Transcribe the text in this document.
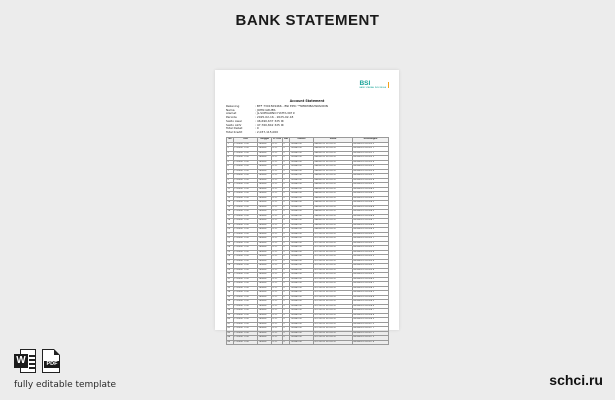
BANK STATEMENT
BSI
BANK SYARIAH INDONESIA
Account Statement
Rekening	: BTF 7301509466 - BSI EPIC **NERIMBAHWADDIN
Nama	: JOHN GRUBS
Alamat	: JL.SOEKARNO HATTA KM 9
Periode	: 2025-02-16 - 2025-02-18
Saldo Awal	: 46,690,637 325 IR
Saldo Akhr	: 47,760,842 325 IR
Total Debet	: 0
Total Kredit	: 2,037,115,000
No	Trxn	Tanggal	Ft Trxn	Dbt	Mutasi	Saldo	Keterangan
1	FT2400T1700	160826	D:11	0	135480.00	46830232 325.41 IR	BPI:B0021331303 0
2	FT2400T1700	160826	D:11	0	135480.00	46830232 325.41 IR	BPI:B0021331302 1
3	FT2400T1700	160826	D:11	0	135480.00	46830232 325.41 IR	BPI:B0021331302 2
4	FT2400T1700	160826	D:11	0	135480.00	46830232 325.41 IR	BPI:B0021331303 3
5	FT2400T1700	160826	D:11	0	135480.00	46830232 325.41 IR	BPI:B0021331303 4
6	FT2400T1700	160826	D:11	0	135480.00	46830232 325.41 IR	BPI:B0021331303 5
7	FT2400T1700	160826	D:11	0	135480.00	46830232 325.41 IR	BPI:B0021331303 6
8	FT2400T1700	160826	D:11	0	135480.00	46830232 325.41 IR	BPI:B0021331303 7
9	FT2400T1700	160826	D:11	0	135480.00	46830232 325.41 IR	BPI:B0021331303 8
10	FT2400T1700	160826	D:11	0	135480.00	46830232 325.41 IR	BPI:B0021331303 9
11	FT2400T1700	160826	D:11	0	135480.00	46830232 325.41 IR	BPI:B0021331304 0
12	FT2400T1700	160826	D:11	0	135480.00	46830232 325.41 IR	BPI:B0021331304 1
13	FT2400T1700	160826	D:11	0	135480.00	46830232 325.41 IR	BPI:B0021331304 2
14	FT2400T1700	160826	D:11	0	135480.00	46830232 325.41 IR	BPI:B0021331304 3
15	FT2400T1700	160826	D:11	0	135480.00	46830232 325.41 IR	BPI:B0021331304 4
16	FT2400T1700	160826	D:11	0	135480.00	46830232 325.41 IR	BPI:B0021331304 5
17	FT2400T1700	160826	D:11	0	135480.00	46830232 325.41 IR	BPI:B0021331304 6
18	FT2400T1700	160826	D:11	0	135480.00	46830232 325.41 IR	BPI:B0021331304 7
19	FT2400T1700	160826	D:11	0	135480.00	46830232 325.41 IR	BPI:B0021331304 8
20	FT2400T1700	160826	D:11	0	135480.00	46830232 325.41 IR	BPI:B0021331304 9
21	FT2400T1700	160826	D:11	0	135480.00	47120232 325.41 IR	BPI:B0021331305 0
22	FT2400T1700	160826	D:11	0	135480.00	47120232 325.41 IR	BPI:B0021331305 1
23	FT2400T1700	160826	D:11	0	135480.00	47120232 325.41 IR	BPI:B0021331305 2
24	FT2400T1700	160826	D:11	0	135480.00	47120232 325.41 IR	BPI:B0021331305 3
25	FT2400T1700	160826	D:11	0	135480.00	47120232 325.41 IR	BPI:B0021331305 4
26	FT2400T1700	160826	D:11	0	135480.00	47120232 325.41 IR	BPI:B0021331305 5
27	FT2400T1700	160826	D:11	0	135480.00	47120232 325.41 IR	BPI:B0021331305 6
28	FT2400T1700	160826	D:11	0	135480.00	47120232 325.41 IR	BPI:B0021331305 7
29	FT2400T1700	160826	D:11	0	135480.00	47120232 325.41 IR	BPI:B0021331305 8
30	FT2400T1700	160826	D:11	0	135480.00	47120232 325.41 IR	BPI:B0021331305 9
31	FT2400T1700	160826	D:11	0	135480.00	47120232 325.41 IR	BPI:B0021331306 0
32	FT2400T1700	160826	D:11	0	135480.00	47120232 325.41 IR	BPI:B0021331306 1
33	FT2400T1700	160826	D:11	0	135480.00	47120232 325.41 IR	BPI:B0021331306 2
34	FT2400T1700	160826	D:11	0	135480.00	47120232 325.41 IR	BPI:B0021331306 3
35	FT2400T1700	160826	D:11	0	135480.00	47120232 325.41 IR	BPI:B0021331306 4
36	FT2400T1700	160826	D:11	0	135480.00	47120232 325.41 IR	BPI:B0021331306 5
37	FT2400T1700	160826	D:11	0	135480.00	47120232 325.41 IR	BPI:B0021331306 6
38	FT2400T1700	160826	D:11	0	135480.00	47120232 325.41 IR	BPI:B0021331306 7
39	FT2400T1700	160826	D:11	0	135480.00	47120232 325.41 IR	BPI:B0021331306 8
40	FT2400T1700	160826	D:11	0	135480.00	47120232 325.41 IR	BPI:B0021331306 9
41	FT2400T1700	160826	D:11	0	135480.00	47120232 325.41 IR	BPI:B0021331307 0
42	FT2400T1700	160826	D:11	0	135480.00	47120232 325.41 IR	BPI:B0021331307 1
43	FT2400T1700	160826	D:11	0	135480.00	47120232 325.41 IR	BPI:B0021331307 2
44	FT2400T1700	160826	D:11	0	135480.00	47120232 325.41 IR	BPI:B0021331307 3
45	FT2400T1700	160826	D:11	0	135480.00	47120232 325.41 IR	BPI:B0021331307 4
W	PDF
fully editable template	schci.ru
